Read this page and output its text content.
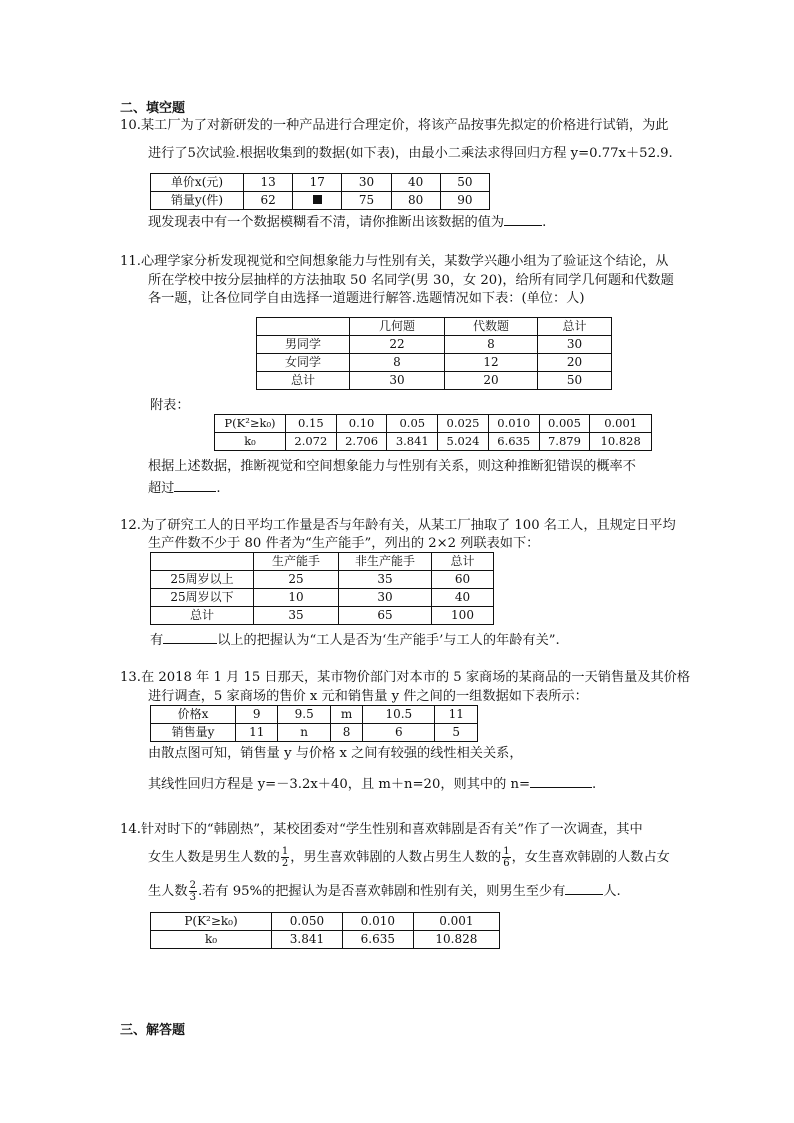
二、填空题
10.某工厂为了对新研发的一种产品进行合理定价，将该产品按事先拟定的价格进行试销，为此
进行了5次试验.根据收集到的数据(如下表)，由最小二乘法求得回归方程 y=0.77x＋52.9.
单价x(元)	13	17	30	40	50
销量y(件)	62		75	80	90
现发现表中有一个数据模糊看不清，请你推断出该数据的值为	.
11.心理学家分析发现视觉和空间想象能力与性别有关，某数学兴趣小组为了验证这个结论，从
所在学校中按分层抽样的方法抽取 50 名同学(男 30，女 20)，给所有同学几何题和代数题
各一题，让各位同学自由选择一道题进行解答.选题情况如下表：(单位：人)
	几何题	代数题	总计
男同学	22	8	30
女同学	8	12	20
总计	30	20	50
附表：
P(K²≥k₀)	0.15	0.10	0.05	0.025	0.010	0.005	0.001
k₀	2.072	2.706	3.841	5.024	6.635	7.879	10.828
根据上述数据，推断视觉和空间想象能力与性别有关系，则这种推断犯错误的概率不
超过	.
12.为了研究工人的日平均工作量是否与年龄有关，从某工厂抽取了 100 名工人，且规定日平均
生产件数不少于 80 件者为“生产能手”，列出的 2×2 列联表如下：
	生产能手	非生产能手	总计
25周岁以上	25	35	60
25周岁以下	10	30	40
总计	35	65	100
有	以上的把握认为“工人是否为‘生产能手’与工人的年龄有关”.
13.在 2018 年 1 月 15 日那天，某市物价部门对本市的 5 家商场的某商品的一天销售量及其价格
进行调查，5 家商场的售价 x 元和销售量 y 件之间的一组数据如下表所示：
价格x	9	9.5	m	10.5	11
销售量y	11	n	8	6	5
由散点图可知，销售量 y 与价格 x 之间有较强的线性相关关系，
其线性回归方程是 y=－3.2x＋40，且 m＋n=20，则其中的 n=	.
14.针对时下的“韩剧热”，某校团委对“学生性别和喜欢韩剧是否有关”作了一次调查，其中
女生人数是男生人数的 $\frac{1}{2}$ ，男生喜欢韩剧的人数占男生人数的 $\frac{1}{6}$ ，女生喜欢韩剧的人数占女
生人数 $\frac{2}{3}$ .若有 95%的把握认为是否喜欢韩剧和性别有关，则男生至少有	人.
P(K²≥k₀)	0.050	0.010	0.001
k₀	3.841	6.635	10.828
三、解答题
